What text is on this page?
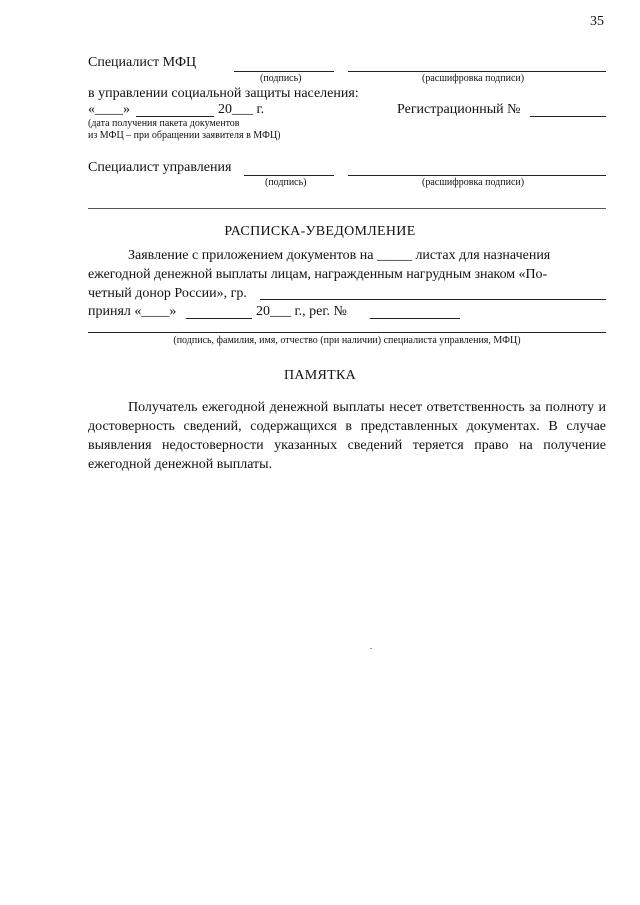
35
Специалист МФЦ
(подпись)	(расшифровка подписи)
в управлении социальной защиты населения:
«____»	20___ г.	Регистрационный №
(дата получения пакета документов
из МФЦ – при обращении заявителя в МФЦ)
Специалист управления
(подпись)	(расшифровка подписи)
РАСПИСКА-УВЕДОМЛЕНИЕ
Заявление с приложением документов на _____ листах для назначения
ежегодной денежной выплаты лицам, награжденным нагрудным знаком «По-
четный донор России», гр.
принял «____»	20___ г., рег. №
(подпись, фамилия, имя, отчество (при наличии) специалиста управления, МФЦ)
ПАМЯТКА
Получатель ежегодной денежной выплаты несет ответственность за полноту и достоверность сведений, содержащихся в представленных документах. В случае выявления недостоверности указанных сведений теряется право на получение ежегодной денежной выплаты.
